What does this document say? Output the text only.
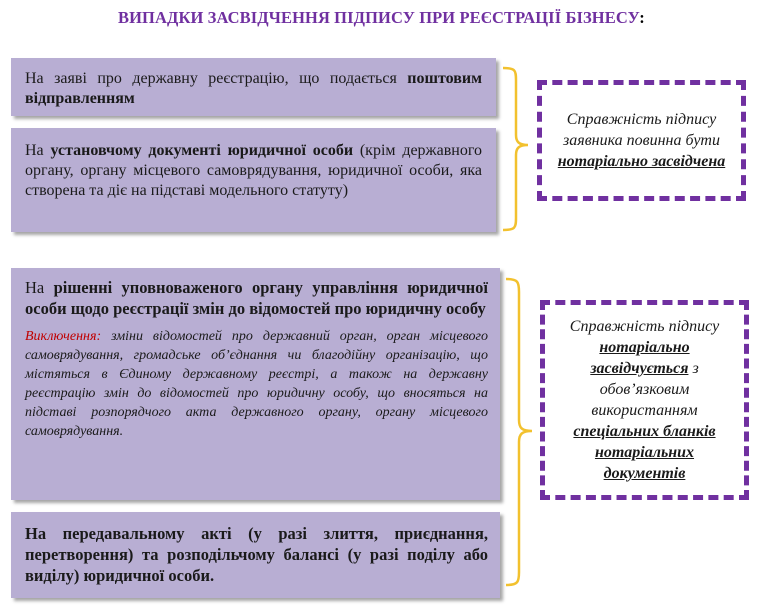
ВИПАДКИ ЗАСВІДЧЕННЯ ПІДПИСУ ПРИ РЕЄСТРАЦІЇ БІЗНЕСУ:
На заяві про державну реєстрацію, що подається поштовим відправленням
На установчому документі юридичної особи (крім державного органу, органу місцевого самоврядування, юридичної особи, яка створена та діє на підставі модельного статуту)
Справжність підпису заявника повинна бути нотаріально засвідчена
На рішенні уповноваженого органу управління юридичної особи щодо реєстрації змін до відомостей про юридичну особу
Виключення: зміни відомостей про державний орган, орган місцевого самоврядування, громадське об’єднання чи благодійну організацію, що містяться в Єдиному державному реєстрі, а також на державну реєстрацію змін до відомостей про юридичну особу, що вносяться на підставі розпорядчого акта державного органу, органу місцевого самоврядування.
На передавальному акті (у разі злиття, приєднання, перетворення) та розподільчому балансі (у разі поділу або виділу) юридичної особи.
Справжність підпису нотаріально засвідчується з обов’язковим використанням спеціальних бланків нотаріальних документів
